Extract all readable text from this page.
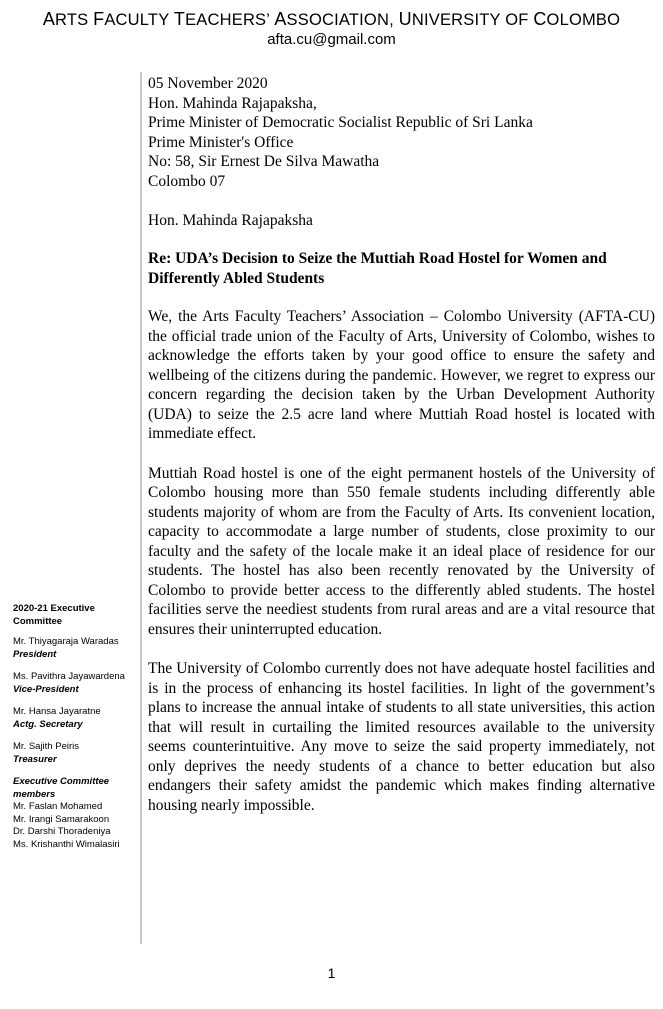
ARTS FACULTY TEACHERS’ ASSOCIATION, UNIVERSITY OF COLOMBO
afta.cu@gmail.com
2020-21 Executive Committee
Mr. Thiyagaraja Waradas
President
Ms. Pavithra Jayawardena
Vice-President
Mr. Hansa Jayaratne
Actg. Secretary
Mr. Sajith Peiris
Treasurer
Executive Committee members
Mr. Faslan Mohamed
Mr. Irangi Samarakoon
Dr. Darshi Thoradeniya
Ms. Krishanthi Wimalasiri
05 November 2020
Hon. Mahinda Rajapaksha,
Prime Minister of Democratic Socialist Republic of Sri Lanka
Prime Minister's Office
No: 58, Sir Ernest De Silva Mawatha
Colombo 07
Hon. Mahinda Rajapaksha
Re: UDA’s Decision to Seize the Muttiah Road Hostel for Women and Differently Abled Students
We, the Arts Faculty Teachers’ Association – Colombo University (AFTA-CU) the official trade union of the Faculty of Arts, University of Colombo, wishes to acknowledge the efforts taken by your good office to ensure the safety and wellbeing of the citizens during the pandemic. However, we regret to express our concern regarding the decision taken by the Urban Development Authority (UDA) to seize the 2.5 acre land where Muttiah Road hostel is located with immediate effect.
Muttiah Road hostel is one of the eight permanent hostels of the University of Colombo housing more than 550 female students including differently able students majority of whom are from the Faculty of Arts. Its convenient location, capacity to accommodate a large number of students, close proximity to our faculty and the safety of the locale make it an ideal place of residence for our students. The hostel has also been recently renovated by the University of Colombo to provide better access to the differently abled students. The hostel facilities serve the neediest students from rural areas and are a vital resource that ensures their uninterrupted education.
The University of Colombo currently does not have adequate hostel facilities and is in the process of enhancing its hostel facilities. In light of the government’s plans to increase the annual intake of students to all state universities, this action that will result in curtailing the limited resources available to the university seems counterintuitive. Any move to seize the said property immediately, not only deprives the needy students of a chance to better education but also endangers their safety amidst the pandemic which makes finding alternative housing nearly impossible.
1
